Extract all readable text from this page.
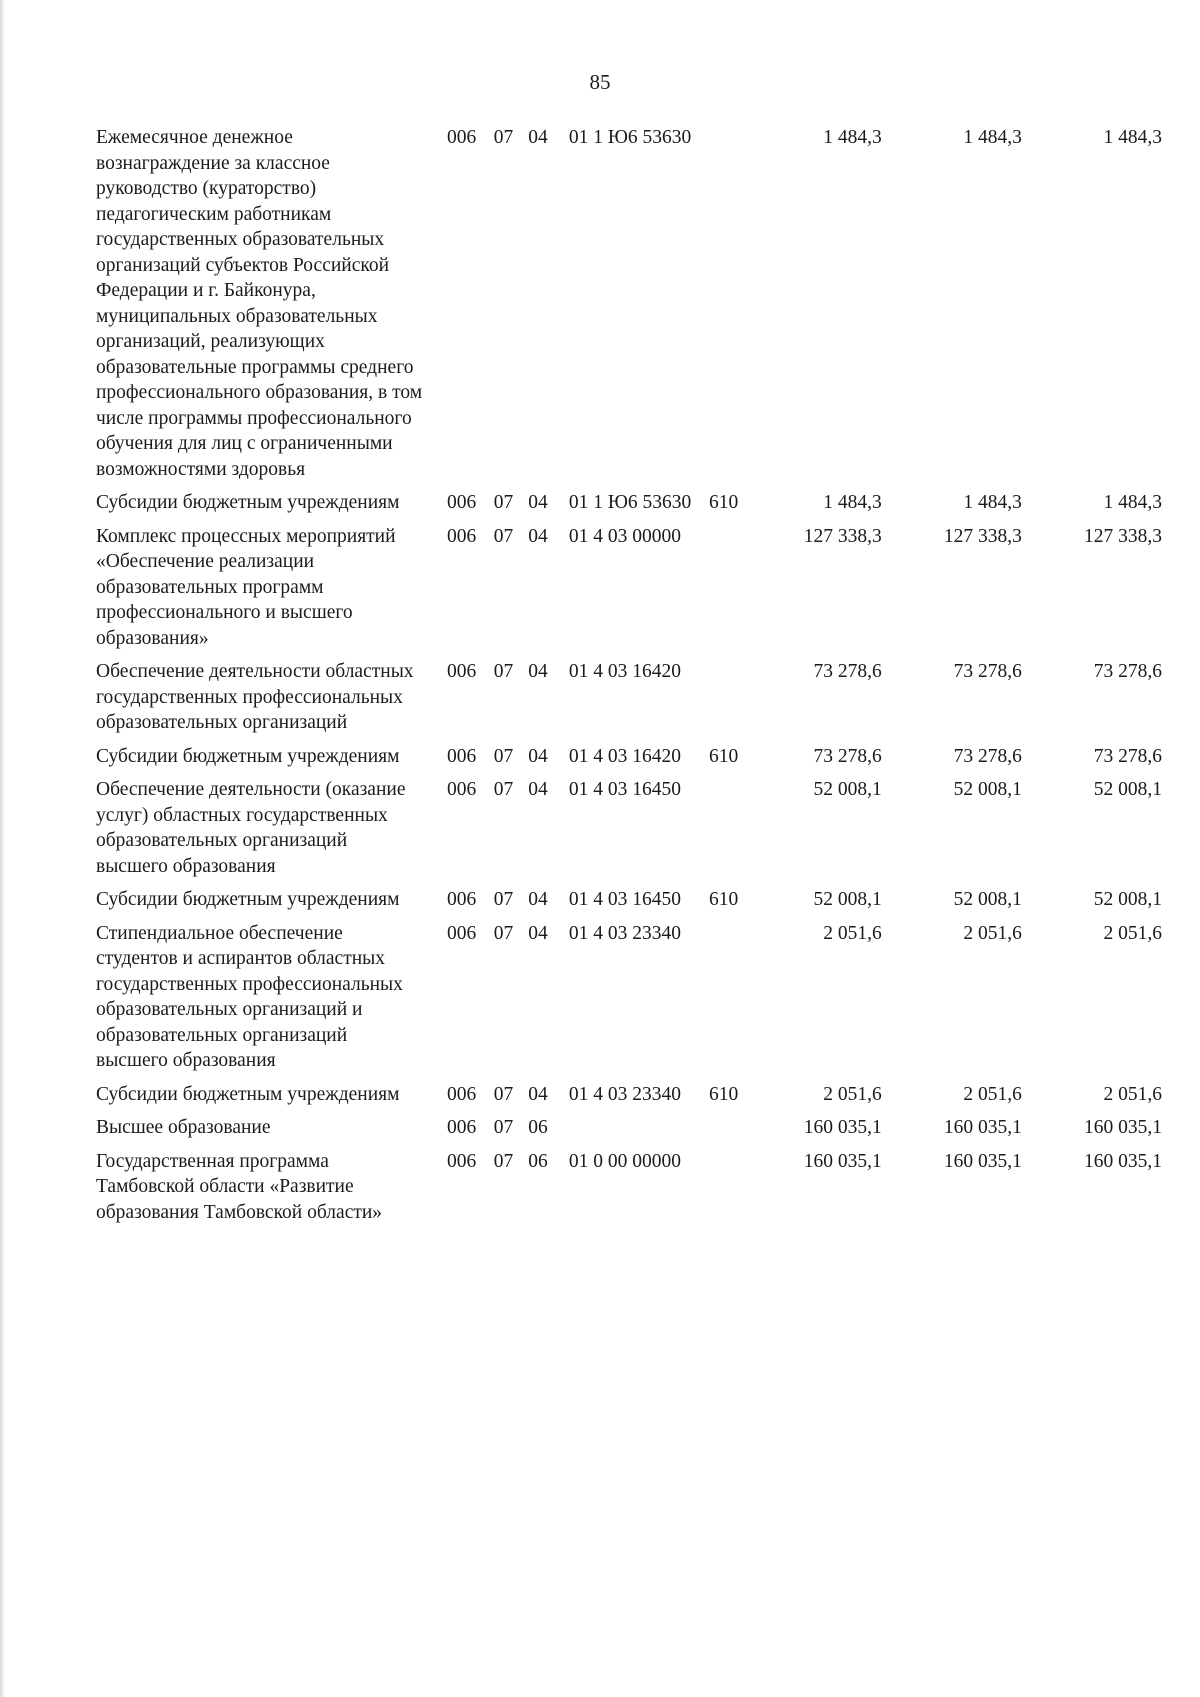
85
Ежемесячное денежное вознаграждение за классное руководство (кураторство) педагогическим работникам государственных образовательных организаций субъектов Российской Федерации и г. Байконура, муниципальных образовательных организаций, реализующих образовательные программы среднего профессионального образования, в том числе программы профессионального обучения для лиц с ограниченными возможностями здоровья	006	07	04	01 1 Ю6 53630		1 484,3	1 484,3	1 484,3
Субсидии бюджетным учреждениям	006	07	04	01 1 Ю6 53630	610	1 484,3	1 484,3	1 484,3
Комплекс процессных мероприятий «Обеспечение реализации образовательных программ профессионального и высшего образования»	006	07	04	01 4 03 00000		127 338,3	127 338,3	127 338,3
Обеспечение деятельности областных государственных профессиональных образовательных организаций	006	07	04	01 4 03 16420		73 278,6	73 278,6	73 278,6
Субсидии бюджетным учреждениям	006	07	04	01 4 03 16420	610	73 278,6	73 278,6	73 278,6
Обеспечение деятельности (оказание услуг) областных государственных образовательных организаций высшего образования	006	07	04	01 4 03 16450		52 008,1	52 008,1	52 008,1
Субсидии бюджетным учреждениям	006	07	04	01 4 03 16450	610	52 008,1	52 008,1	52 008,1
Стипендиальное обеспечение студентов и аспирантов областных государственных профессиональных образовательных организаций и образовательных организаций высшего образования	006	07	04	01 4 03 23340		2 051,6	2 051,6	2 051,6
Субсидии бюджетным учреждениям	006	07	04	01 4 03 23340	610	2 051,6	2 051,6	2 051,6
Высшее образование	006	07	06			160 035,1	160 035,1	160 035,1
Государственная программа Тамбовской области «Развитие образования Тамбовской области»	006	07	06	01 0 00 00000		160 035,1	160 035,1	160 035,1
